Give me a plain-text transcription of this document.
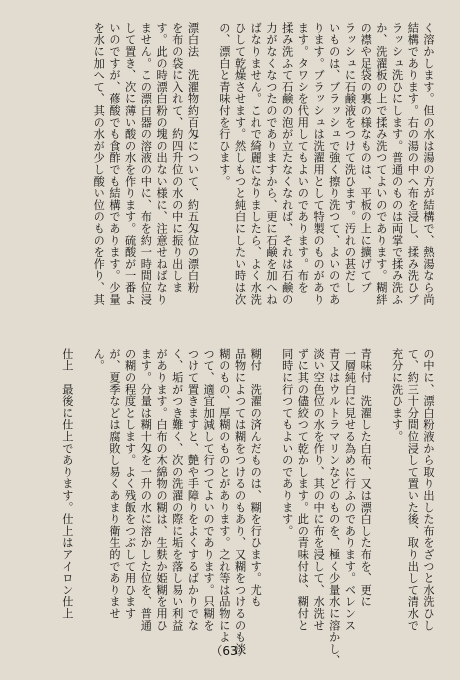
く溶かします。但の水は湯の方が結構で、熱湯なら尚
結構であります。右の湯の中へ布を浸し、揉み洗ひブ
ラッシュ洗ひにします。普通のものは両掌で揉み洗ふ
か、洗濯板の上で揉み洗つてよいのであります。糊絆
の襟や足袋の裏の様なものは、平板の上に擴げてブ
ラッシュに石鹸液をつけて洗ひます。汚れの甚だし
いものは、ブラッシュで強く擦り洗つて、よいのであ
ります。ブラッシュは洗濯用として特製のものがあり
ます。タワシを代用してもよいのであります。布を
揉み洗ふて石鹸の泡が立たなくなれば、それは石鹸の
力がなくなつたのでありますから、更に石鹸を加へね
ばなりません。これで綺麗になりましたら、よく水洗
ひして乾燥させます。然しもつと純白にしたい時は次
の、漂白と青味付を行ひます。

漂白法　洗濯物約百匁について、約五匁位の漂白粉
を布の袋に入れて、約四升位の水の中に振り出しま
す。此の時漂白粉の塊の出ない様に、注意せねばなり
ません。この漂白器の溶液の中に、布を約一時間位浸
して置き、次に薄い酸の水を作ります。硫酸が一番よ
いのですが、蓚酸でも食酢でも結構であります。少量
を水に加へて、其の水が少し酸い位のものを作り、其
の中に、漂白粉液から取り出した布をざつと水洗ひし
て、約三十分間位浸して置いた後、取り出して清水で
充分に洗ひます。

青味付　洗濯した白布、又は漂白した布を、更に
一層純白に見せる為めに行ふのであります。ベレンス
青又はウルトラマリンなどのものを、極く少量水に溶かし、
淡い空色位の水を作り、其の中に布を浸して、水洗せ
ずに其の儘絞つて乾かします。此の青味付は、糊付と
同時に行つてもよいのであります。

糊付　洗濯の済んだものは、糊を行ひます。尤も
品物によつては糊をつけるのもあり、又糊をつけるのも淡
糊のもの、厚糊のものとがあります。之れ等は品物によ
つて、適宜加減して行つてよいのであります。只糊を
つけて置きますと、艶や手障りをよくするばかりでな
く、垢がつき難く、次の洗濯の際に垢を落し易い利益
があります。白布の木綿物の糊は、生麩か姫糊を用ひ
ます。分量は糊十匁を一升の水に溶かした位を、普通
の糊の程度とします。よく残飯をつぶして用ひます
が、夏季などは腐敗し易くあまり衛生的でありませ
ん。

仕上　最後に仕上であります。仕上はアイロン仕上
（63）
